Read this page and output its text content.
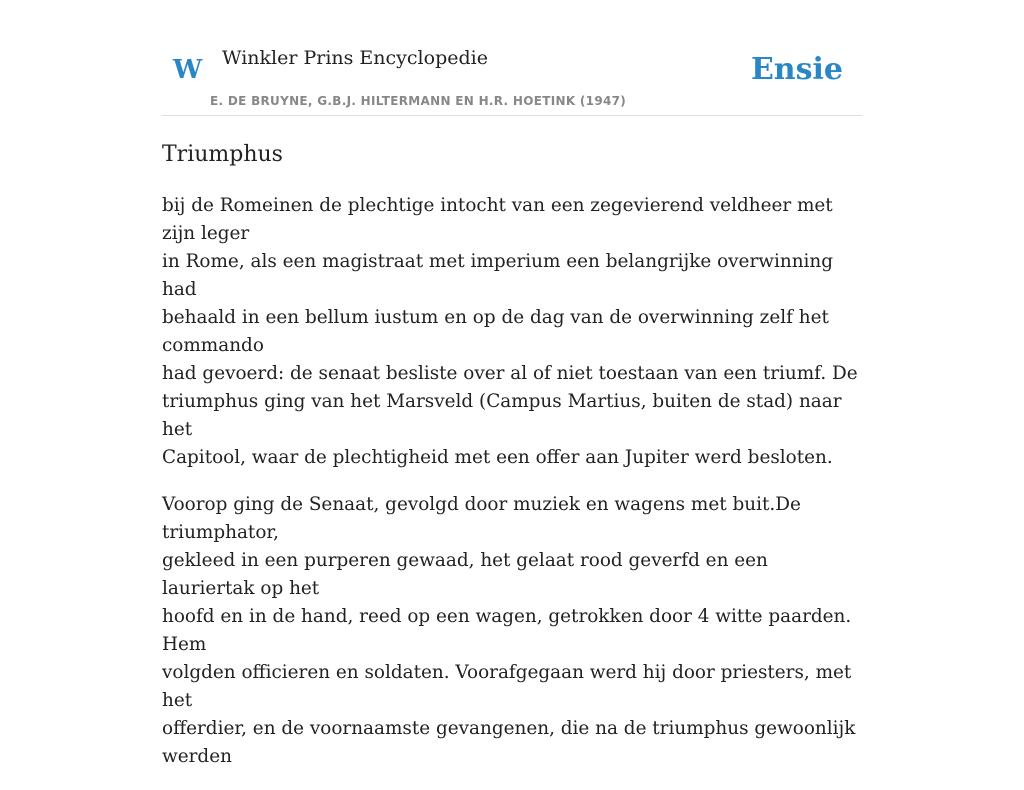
W Winkler Prins Encyclopedie
E. DE BRUYNE, G.B.J. HILTERMANN EN H.R. HOETINK (1947)
Ensie
Triumphus

bij de Romeinen de plechtige intocht van een zegevierend veldheer met zijn leger
in Rome, als een magistraat met imperium een belangrijke overwinning had
behaald in een bellum iustum en op de dag van de overwinning zelf het commando
had gevoerd: de senaat besliste over al of niet toestaan van een triumf. De
triumphus ging van het Marsveld (Campus Martius, buiten de stad) naar het
Capitool, waar de plechtigheid met een offer aan Jupiter werd besloten.

Voorop ging de Senaat, gevolgd door muziek en wagens met buit.De triumphator,
gekleed in een purperen gewaad, het gelaat rood geverfd en een lauriertak op het
hoofd en in de hand, reed op een wagen, getrokken door 4 witte paarden. Hem
volgden officieren en soldaten. Voorafgegaan werd hij door priesters, met het
offerdier, en de voornaamste gevangenen, die na de triumphus gewoonlijk werden
